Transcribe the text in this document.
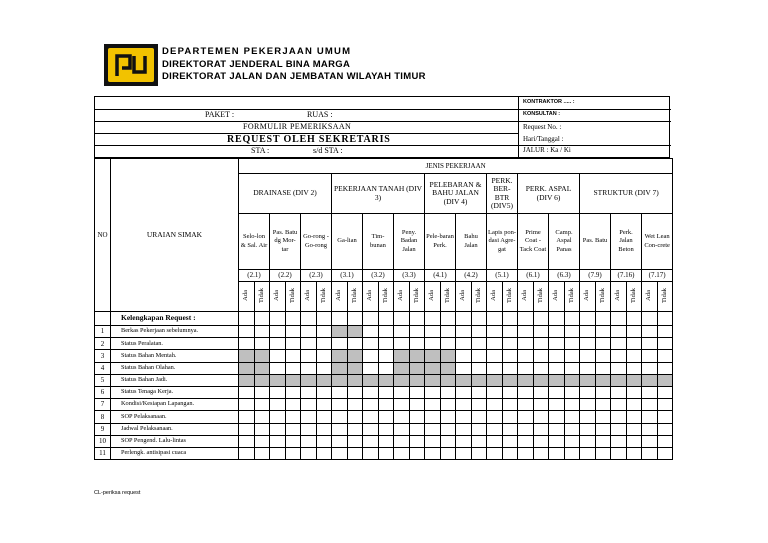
DEPARTEMEN PEKERJAAN UMUM
DIREKTORAT JENDERAL BINA MARGA
DIREKTORAT JALAN DAN JEMBATAN WILAYAH TIMUR
PAKET :	RUAS :
FORMULIR PEMERIKSAAN
REQUEST OLEH SEKRETARIS
STA :	s/d STA :
KONTRAKTOR ..... :
KONSULTAN :
Request No. :
Hari/Tanggal :
JALUR : Ka / Ki
NO	URAIAN SIMAK	JENIS PEKERJAAN																											
		DRAINASE (DIV 2)						PEKERJAAN TANAH (DIV 3)						PELEBARAN & BAHU JALAN (DIV 4)				PERK. BER-BTR (DIV5)		PERK. ASPAL (DIV 6)				STRUKTUR (DIV 7)					
		Selo-lon & Sal. Air		Pas. Batu dg Mor-tar		Go-rong - Go-rong		Ga-lian		Tim-bunan		Peny. Badan Jalan		Pele-baran Perk.		Bahu Jalan		Lapis pon-dasi Agre-gat		Prime Coat - Tack Coat		Camp. Aspal Panas		Pas. Batu		Perk. Jalan Beton		Wet Lean Con-crete	
		(2.1)		(2.2)		(2.3)		(3.1)		(3.2)		(3.3)		(4.1)		(4.2)		(5.1)		(6.1)		(6.3)		(7.9)		(7.16)		(7.17)	
		Ada	Tidak	Ada	Tidak	Ada	Tidak	Ada	Tidak	Ada	Tidak	Ada	Tidak	Ada	Tidak	Ada	Tidak	Ada	Tidak	Ada	Tidak	Ada	Tidak	Ada	Tidak	Ada	Tidak	Ada	Tidak
	Kelengkapan Request :																												
1	Berkas Pekerjaan sebelumnya.																												
2	Status Peralatan.																												
3	Status Bahan Mentah.																												
4	Status Bahan Olahan.																												
5	Status Bahan Jadi.																												
6	Status Tenaga Kerja.																												
7	Kondisi/Kesiapan Lapangan.																												
8	SOP Pelaksanaan.																												
9	Jadwal Pelaksanaan.																												
10	SOP Pengend. Lalu-lintas																												
11	Perlengk. antisipasi cuaca																												
CL-periksa request
